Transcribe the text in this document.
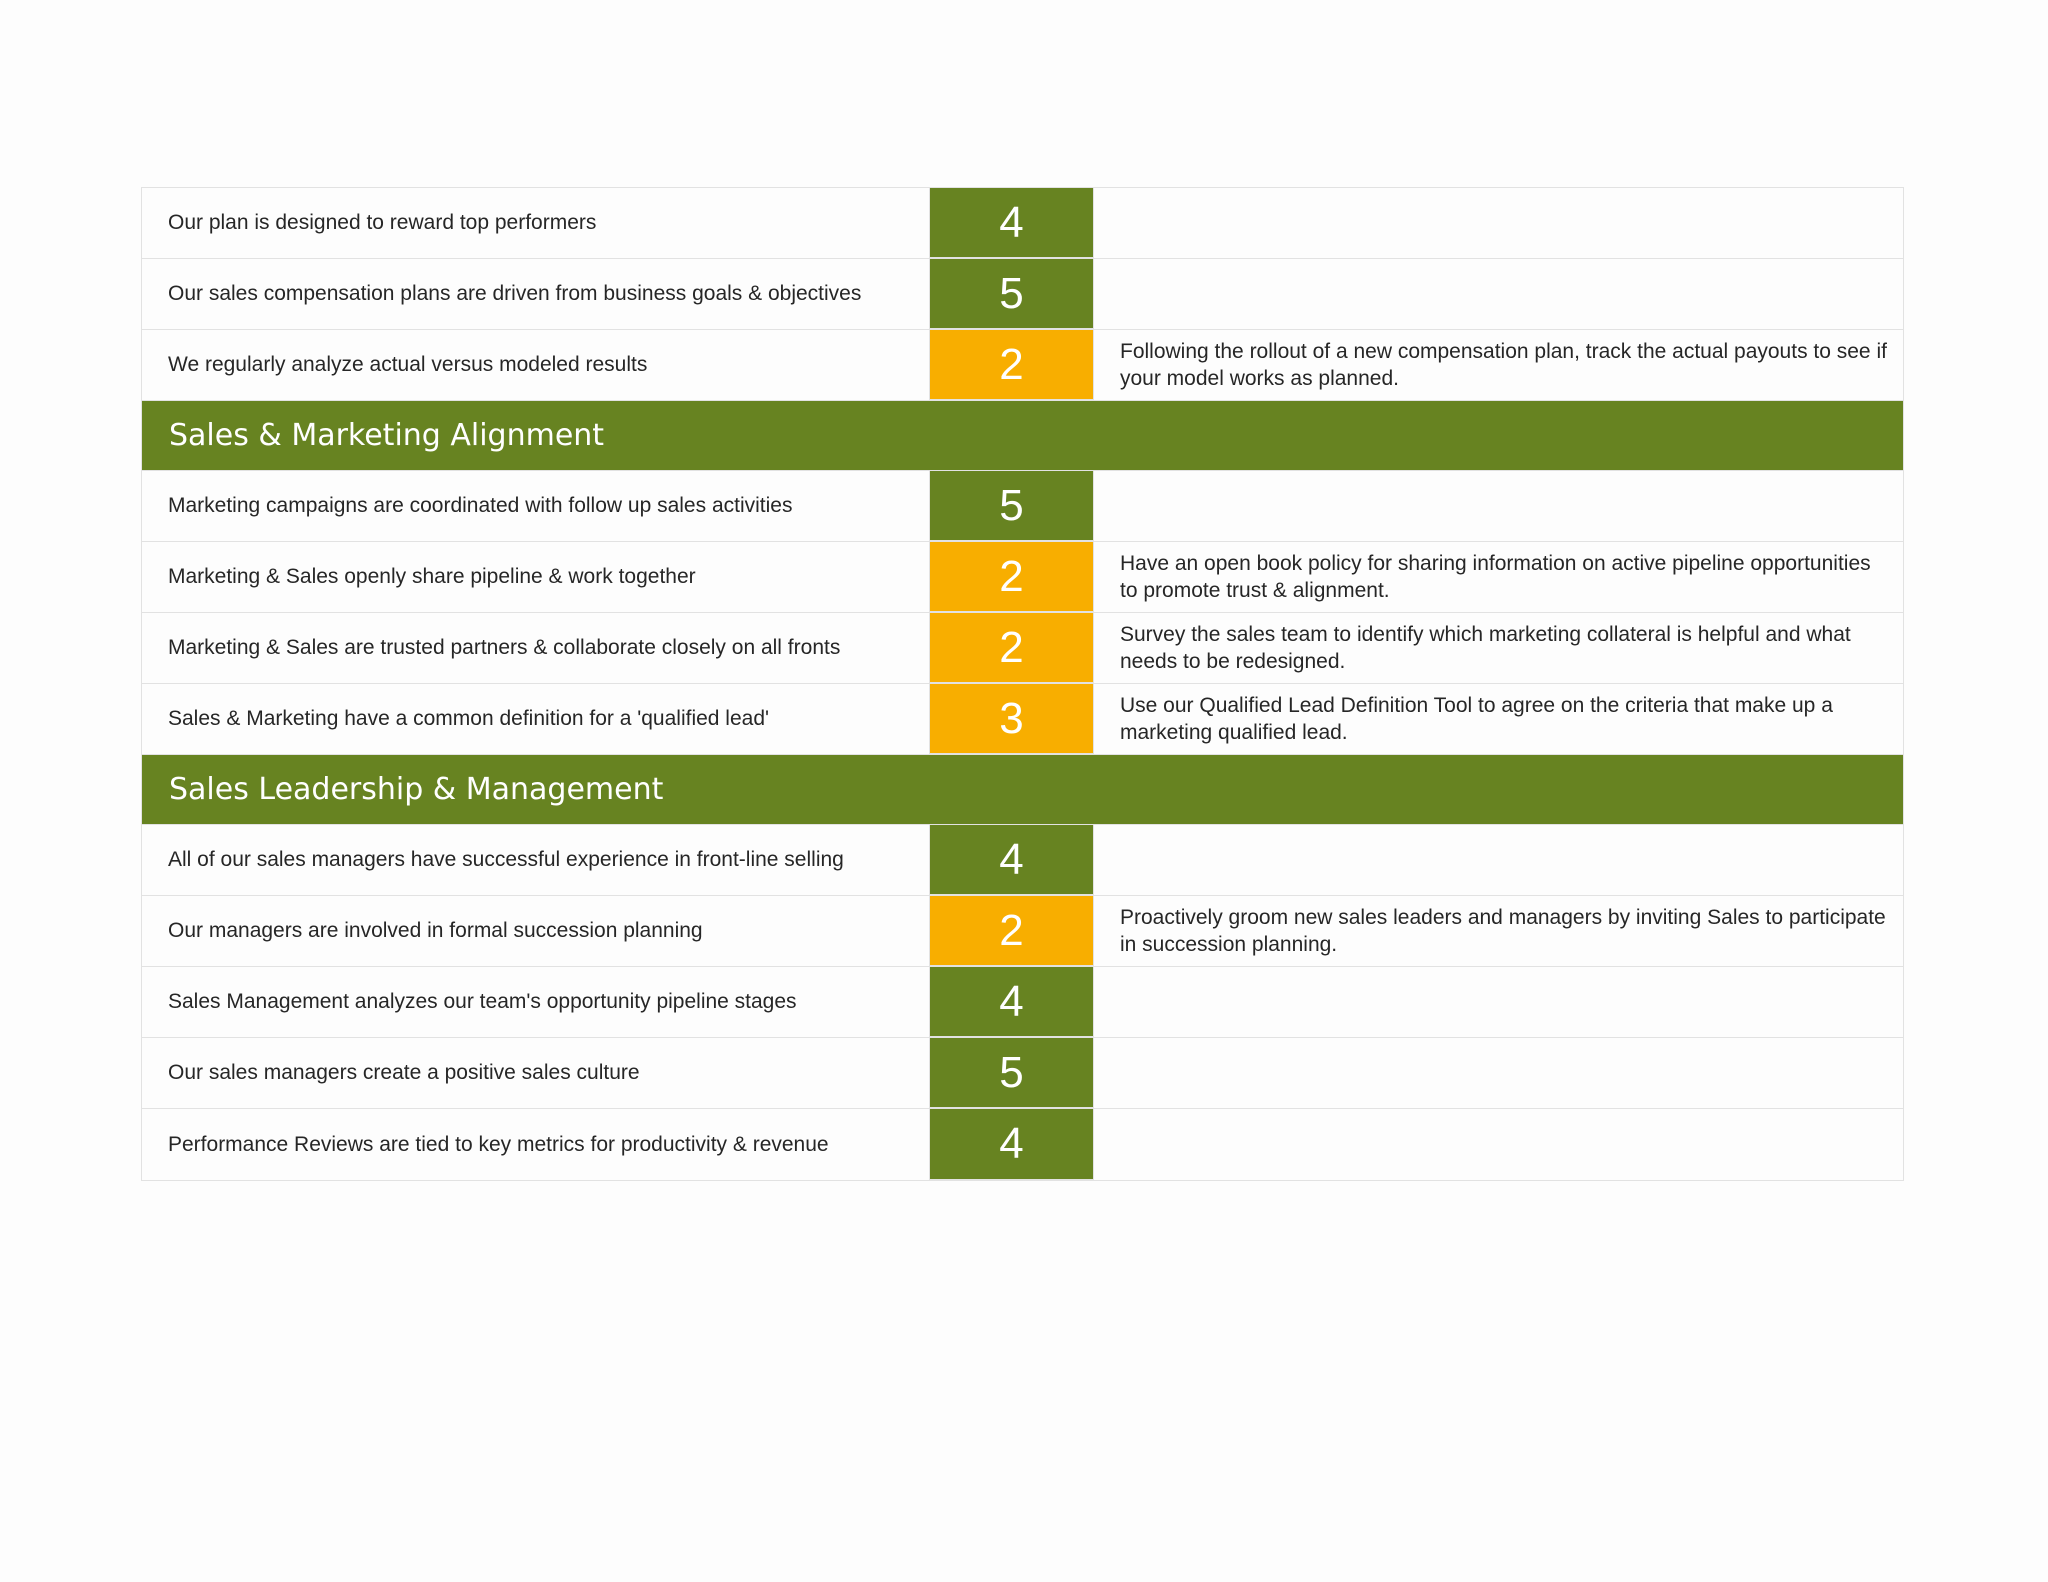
Our plan is designed to reward top performers	4
Our sales compensation plans are driven from business goals & objectives	5
We regularly analyze actual versus modeled results	2	Following the rollout of a new compensation plan, track the actual payouts to see if your model works as planned.
Sales & Marketing Alignment
Marketing campaigns are coordinated with follow up sales activities	5
Marketing & Sales openly share pipeline & work together	2	Have an open book policy for sharing information on active pipeline opportunities to promote trust & alignment.
Marketing & Sales are trusted partners & collaborate closely on all fronts	2	Survey the sales team to identify which marketing collateral is helpful and what needs to be redesigned.
Sales & Marketing have a common definition for a 'qualified lead'	3	Use our Qualified Lead Definition Tool to agree on the criteria that make up a marketing qualified lead.
Sales Leadership & Management
All of our sales managers have successful experience in front-line selling	4
Our managers are involved in formal succession planning	2	Proactively groom new sales leaders and managers by inviting Sales to participate in succession planning.
Sales Management analyzes our team's opportunity pipeline stages	4
Our sales managers create a positive sales culture	5
Performance Reviews are tied to key metrics for productivity & revenue	4
